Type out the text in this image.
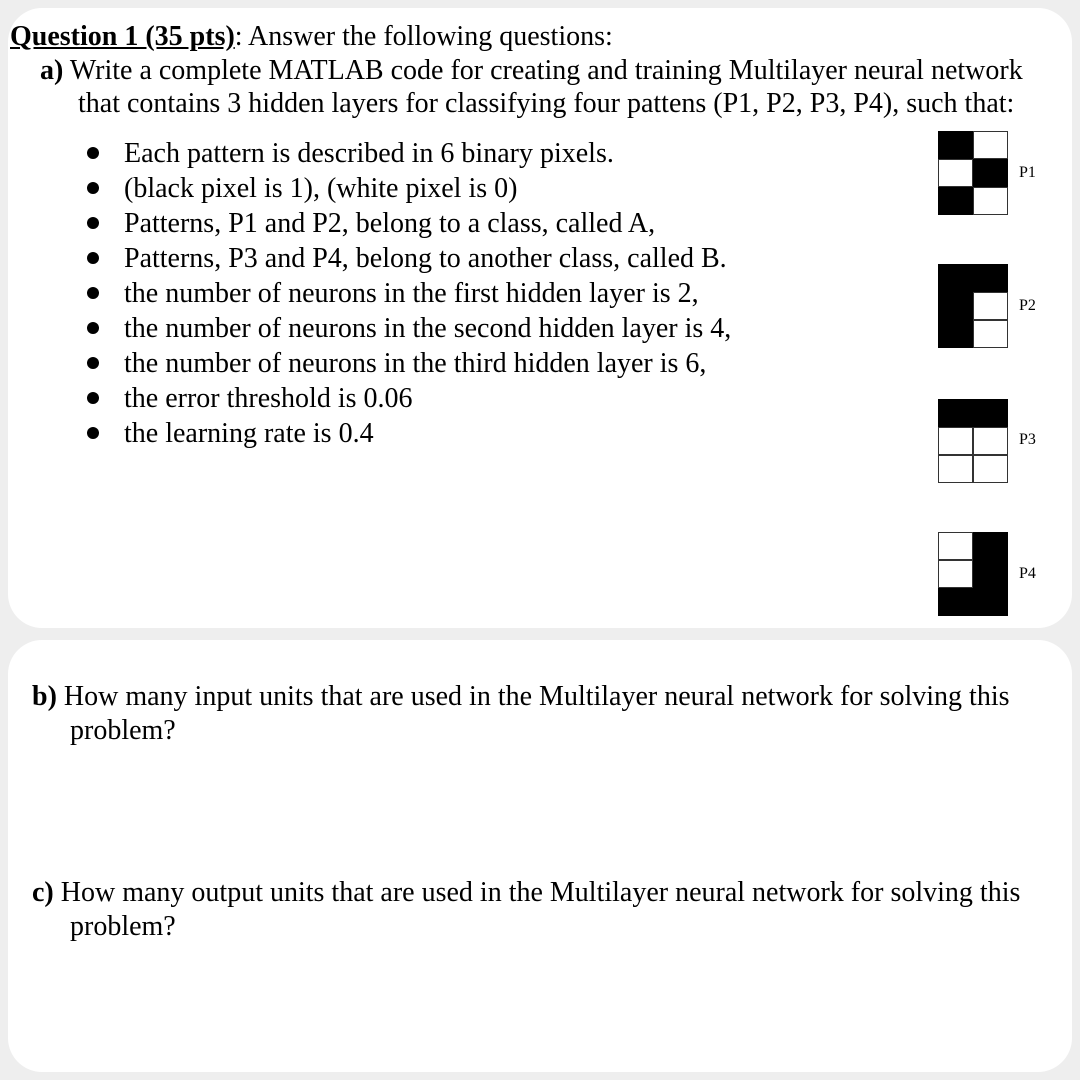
Question 1 (35 pts): Answer the following questions:
a) Write a complete MATLAB code for creating and training Multilayer neural network
that contains 3 hidden layers for classifying four pattens (P1, P2, P3, P4), such that:
Each pattern is described in 6 binary pixels.
(black pixel is 1), (white pixel is 0)
Patterns, P1 and P2, belong to a class, called A,
Patterns, P3 and P4, belong to another class, called B.
the number of neurons in the first hidden layer is 2,
the number of neurons in the second hidden layer is 4,
the number of neurons in the third hidden layer is 6,
the error threshold is 0.06
the learning rate is 0.4
P1
P2
P3
P4
b) How many input units that are used in the Multilayer neural network for solving this
problem?
c) How many output units that are used in the Multilayer neural network for solving this
problem?
